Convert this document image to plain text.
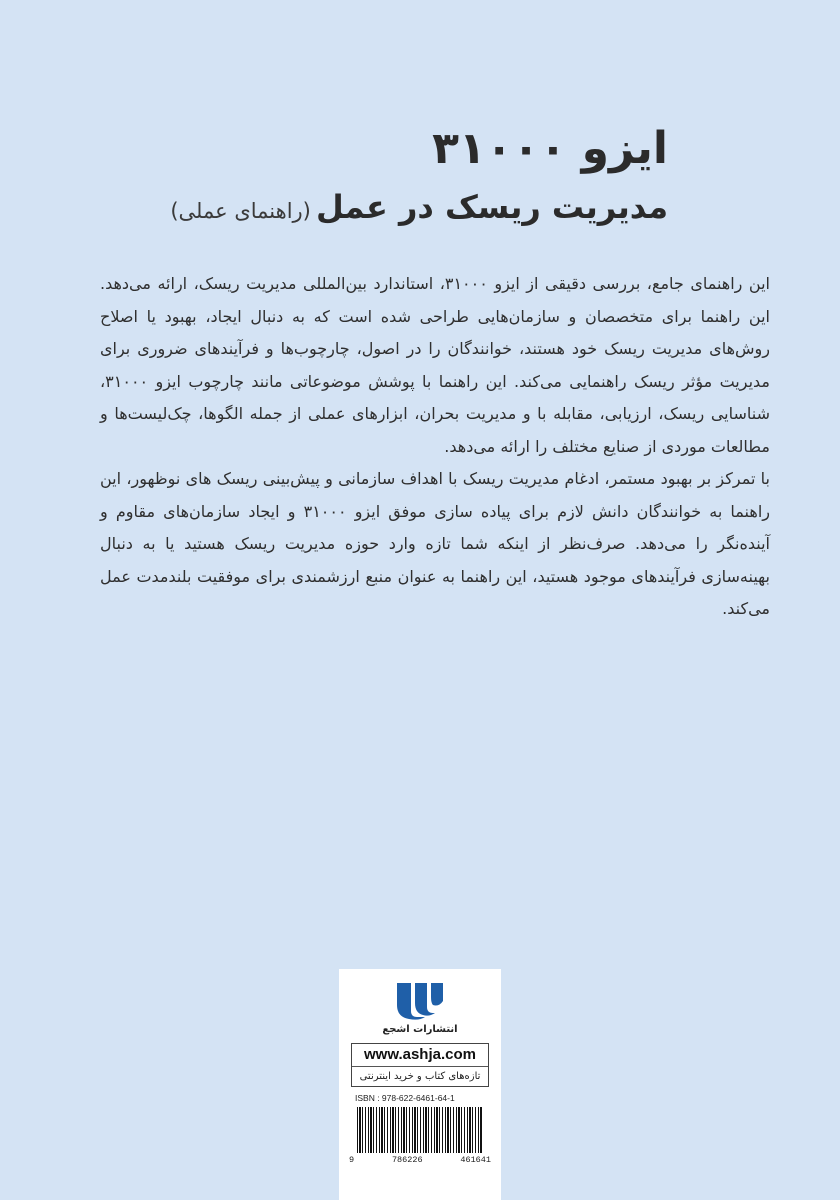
ایزو ۳۱۰۰۰
مدیریت ریسک در عمل (راهنمای عملی)

این راهنمای جامع، بررسی دقیقی از ایزو ۳۱۰۰۰، استاندارد بین‌المللی مدیریت ریسک، ارائه می‌دهد. این راهنما برای متخصصان و سازمان‌هایی طراحی شده است که به دنبال ایجاد، بهبود یا اصلاح روش‌های مدیریت ریسک خود هستند، خوانندگان را در اصول، چارچوب‌ها و فرآیندهای ضروری برای مدیریت مؤثر ریسک راهنمایی می‌کند. این راهنما با پوشش موضوعاتی مانند چارچوب ایزو ۳۱۰۰۰، شناسایی ریسک، ارزیابی، مقابله با و مدیریت بحران، ابزارهای عملی از جمله الگوها، چک‌لیست‌ها و مطالعات موردی از صنایع مختلف را ارائه می‌دهد.

با تمرکز بر بهبود مستمر، ادغام مدیریت ریسک با اهداف سازمانی و پیش‌بینی ریسک های نوظهور، این راهنما به خوانندگان دانش لازم برای پیاده سازی موفق ایزو ۳۱۰۰۰ و ایجاد سازمان‌های مقاوم و آینده‌نگر را می‌دهد. صرف‌نظر از اینکه شما تازه وارد حوزه مدیریت ریسک هستید یا به دنبال بهینه‌سازی فرآیندهای موجود هستید، این راهنما به عنوان منبع ارزشمندی برای موفقیت بلندمدت عمل می‌کند.

انتشارات اشجع
www.ashja.com
تازه‌های کتاب و خرید اینترنتی
ISBN : 978-622-6461-64-1
9	786226	461641
